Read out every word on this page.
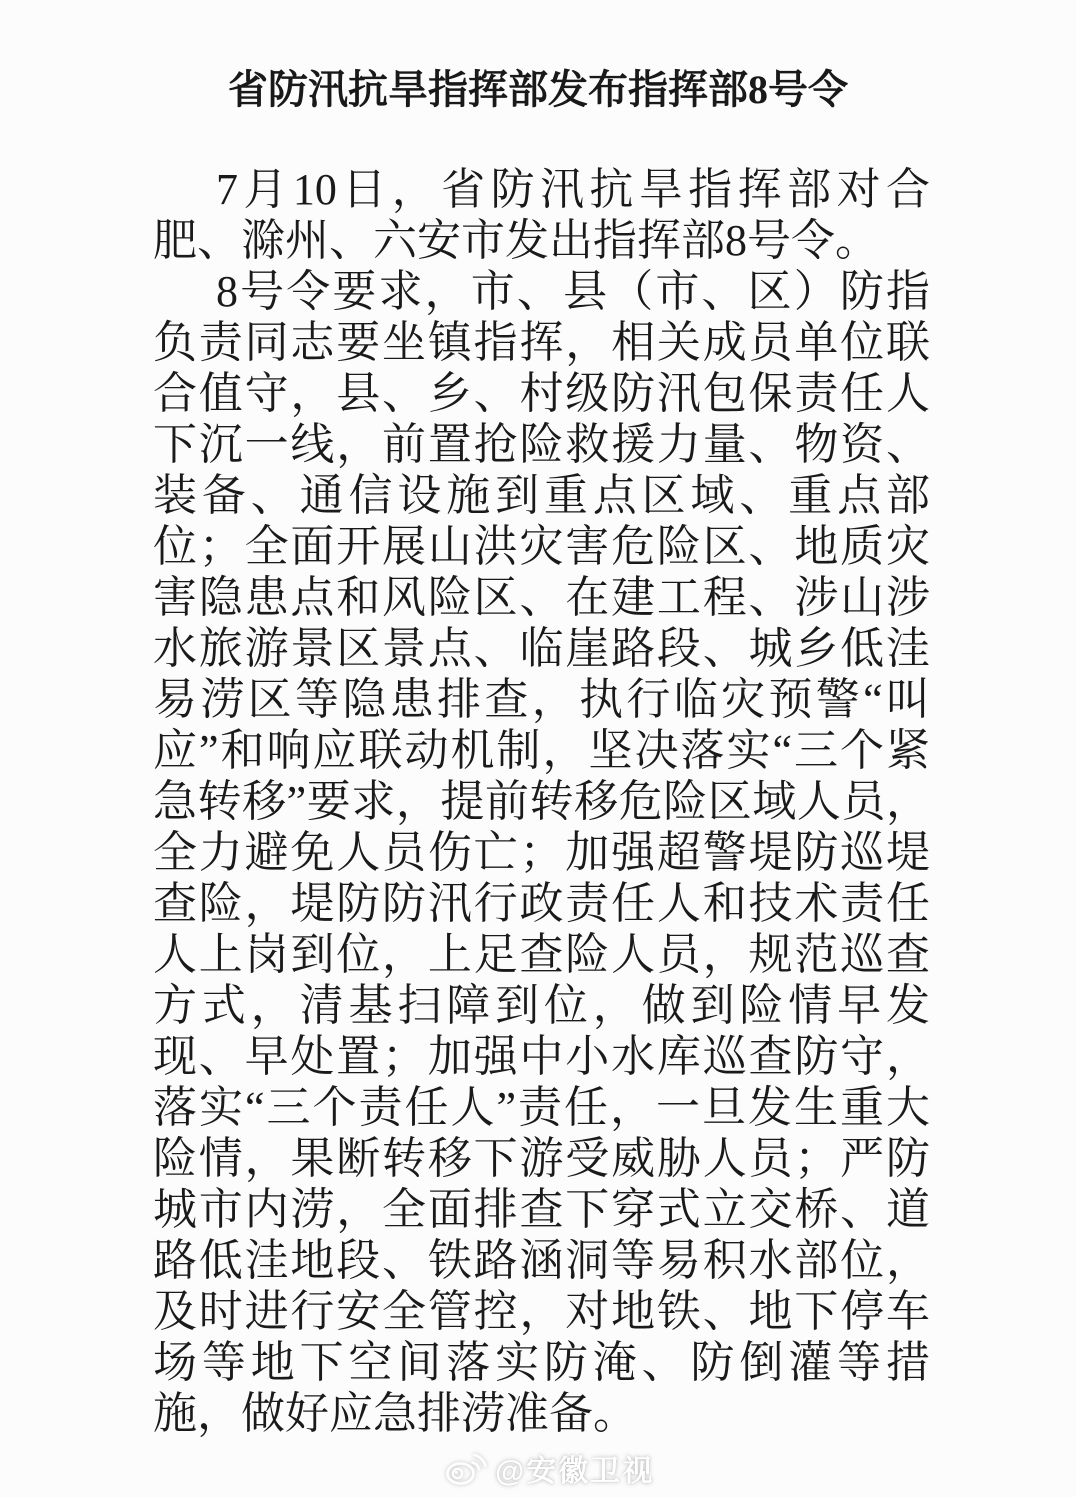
省防汛抗旱指挥部发布指挥部8号令
7月10日，省防汛抗旱指挥部对合
肥、滁州、六安市发出指挥部8号令。
8号令要求，市、县（市、区）防指
负责同志要坐镇指挥，相关成员单位联
合值守，县、乡、村级防汛包保责任人
下沉一线，前置抢险救援力量、物资、
装备、通信设施到重点区域、重点部
位；全面开展山洪灾害危险区、地质灾
害隐患点和风险区、在建工程、涉山涉
水旅游景区景点、临崖路段、城乡低洼
易涝区等隐患排查，执行临灾预警“叫
应”和响应联动机制，坚决落实“三个紧
急转移”要求，提前转移危险区域人员，
全力避免人员伤亡；加强超警堤防巡堤
查险，堤防防汛行政责任人和技术责任
人上岗到位，上足查险人员，规范巡查
方式，清基扫障到位，做到险情早发
现、早处置；加强中小水库巡查防守，
落实“三个责任人”责任，一旦发生重大
险情，果断转移下游受威胁人员；严防
城市内涝，全面排查下穿式立交桥、道
路低洼地段、铁路涵洞等易积水部位，
及时进行安全管控，对地铁、地下停车
场等地下空间落实防淹、防倒灌等措
施，做好应急排涝准备。
@安徽卫视
